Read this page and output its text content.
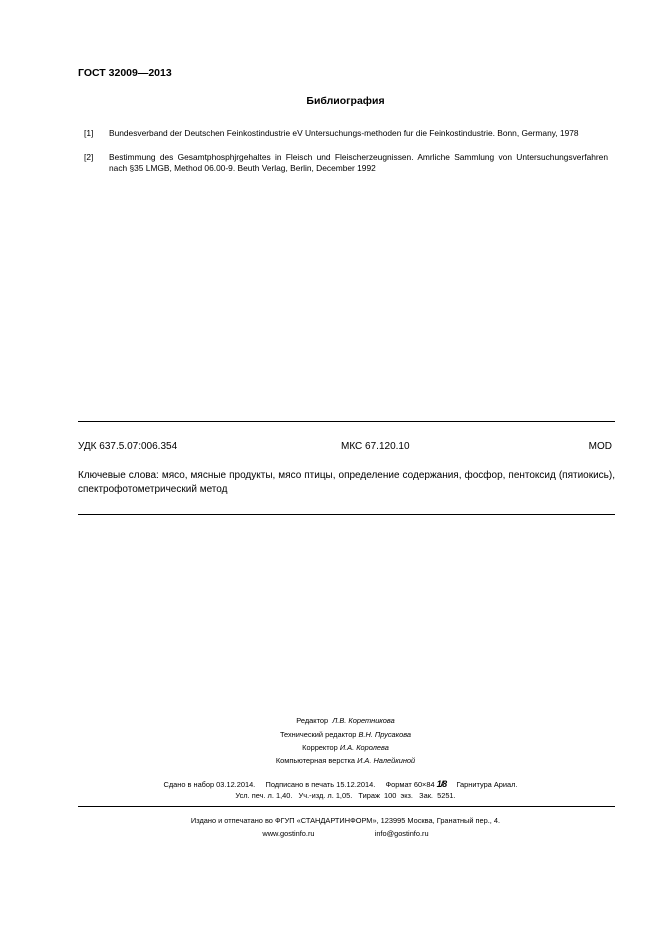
ГОСТ 32009—2013
Библиография
[1]	Bundesverband der Deutschen Feinkostindustrie eV Untersuchungs-methoden fur die Feinkostindustrie. Bonn, Germany, 1978
[2]	Bestimmung des Gesamtphosphjrgehaltes in Fleisch und Fleischerzeugnissen. Amrliche Sammlung von Untersuchungsverfahren nach §35 LMGB, Method 06.00-9. Beuth Verlag, Berlin, December 1992
УДК 637.5.07:006.354	МКС 67.120.10	MOD
Ключевые слова: мясо, мясные продукты, мясо птицы, определение содержания, фосфор, пентоксид (пятиокись), спектрофотометрический метод
Редактор Л.В. Коретникова
Технический редактор В.Н. Прусакова
Корректор И.А. Королева
Компьютерная верстка И.А. Налейкиной
Сдано в набор 03.12.2014. Подписано в печать 15.12.2014. Формат 60×84 1/8 Гарнитура Ариал.
Усл. печ. л. 1,40.   Уч.-изд. л. 1,05.   Тираж  100  экз.   Зак.  5251.
Издано и отпечатано во ФГУП «СТАНДАРТИНФОРМ», 123995 Москва, Гранатный пер., 4.
www.gostinfo.ru	info@gostinfo.ru
